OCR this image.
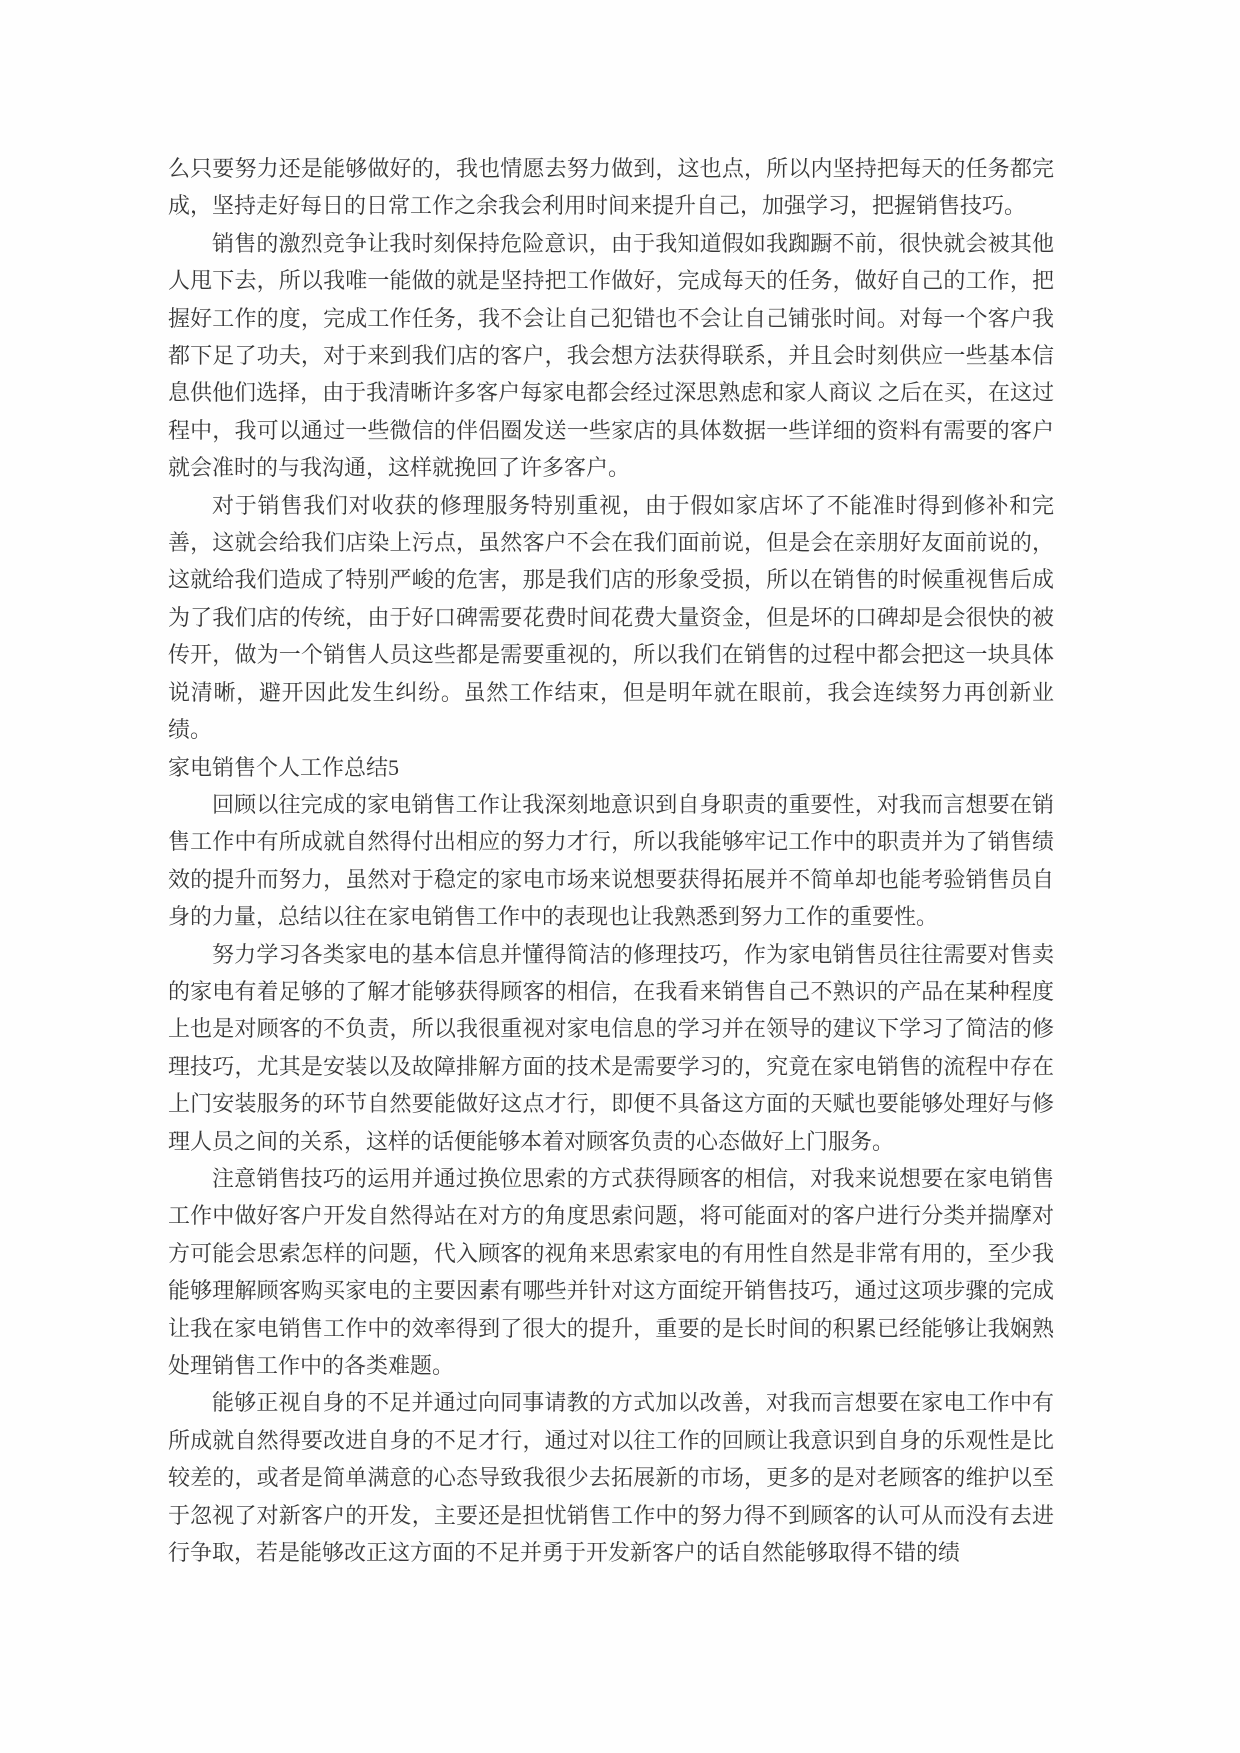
么只要努力还是能够做好的，我也情愿去努力做到，这也点，所以内坚持把每天的任务都完成，坚持走好每日的日常工作之余我会利用时间来提升自己，加强学习，把握销售技巧。

销售的激烈竞争让我时刻保持危险意识，由于我知道假如我踟蹰不前，很快就会被其他人甩下去，所以我唯一能做的就是坚持把工作做好，完成每天的任务，做好自己的工作，把握好工作的度，完成工作任务，我不会让自己犯错也不会让自己铺张时间。对每一个客户我都下足了功夫，对于来到我们店的客户，我会想方法获得联系，并且会时刻供应一些基本信息供他们选择，由于我清晰许多客户每家电都会经过深思熟虑和家人商议 之后在买，在这过程中，我可以通过一些微信的伴侣圈发送一些家店的具体数据一些详细的资料有需要的客户就会准时的与我沟通，这样就挽回了许多客户。

对于销售我们对收获的修理服务特别重视，由于假如家店坏了不能准时得到修补和完善，这就会给我们店染上污点，虽然客户不会在我们面前说，但是会在亲朋好友面前说的，这就给我们造成了特别严峻的危害，那是我们店的形象受损，所以在销售的时候重视售后成为了我们店的传统，由于好口碑需要花费时间花费大量资金，但是坏的口碑却是会很快的被传开，做为一个销售人员这些都是需要重视的，所以我们在销售的过程中都会把这一块具体说清晰，避开因此发生纠纷。虽然工作结束，但是明年就在眼前，我会连续努力再创新业绩。

家电销售个人工作总结5

回顾以往完成的家电销售工作让我深刻地意识到自身职责的重要性，对我而言想要在销售工作中有所成就自然得付出相应的努力才行，所以我能够牢记工作中的职责并为了销售绩效的提升而努力，虽然对于稳定的家电市场来说想要获得拓展并不简单却也能考验销售员自身的力量，总结以往在家电销售工作中的表现也让我熟悉到努力工作的重要性。

努力学习各类家电的基本信息并懂得简洁的修理技巧，作为家电销售员往往需要对售卖的家电有着足够的了解才能够获得顾客的相信，在我看来销售自己不熟识的产品在某种程度上也是对顾客的不负责，所以我很重视对家电信息的学习并在领导的建议下学习了简洁的修理技巧，尤其是安装以及故障排解方面的技术是需要学习的，究竟在家电销售的流程中存在上门安装服务的环节自然要能做好这点才行，即便不具备这方面的天赋也要能够处理好与修理人员之间的关系，这样的话便能够本着对顾客负责的心态做好上门服务。

注意销售技巧的运用并通过换位思索的方式获得顾客的相信，对我来说想要在家电销售工作中做好客户开发自然得站在对方的角度思索问题，将可能面对的客户进行分类并揣摩对方可能会思索怎样的问题，代入顾客的视角来思索家电的有用性自然是非常有用的，至少我能够理解顾客购买家电的主要因素有哪些并针对这方面绽开销售技巧，通过这项步骤的完成让我在家电销售工作中的效率得到了很大的提升，重要的是长时间的积累已经能够让我娴熟处理销售工作中的各类难题。

能够正视自身的不足并通过向同事请教的方式加以改善，对我而言想要在家电工作中有所成就自然得要改进自身的不足才行，通过对以往工作的回顾让我意识到自身的乐观性是比较差的，或者是简单满意的心态导致我很少去拓展新的市场，更多的是对老顾客的维护以至于忽视了对新客户的开发，主要还是担忧销售工作中的努力得不到顾客的认可从而没有去进行争取，若是能够改正这方面的不足并勇于开发新客户的话自然能够取得不错的绩
